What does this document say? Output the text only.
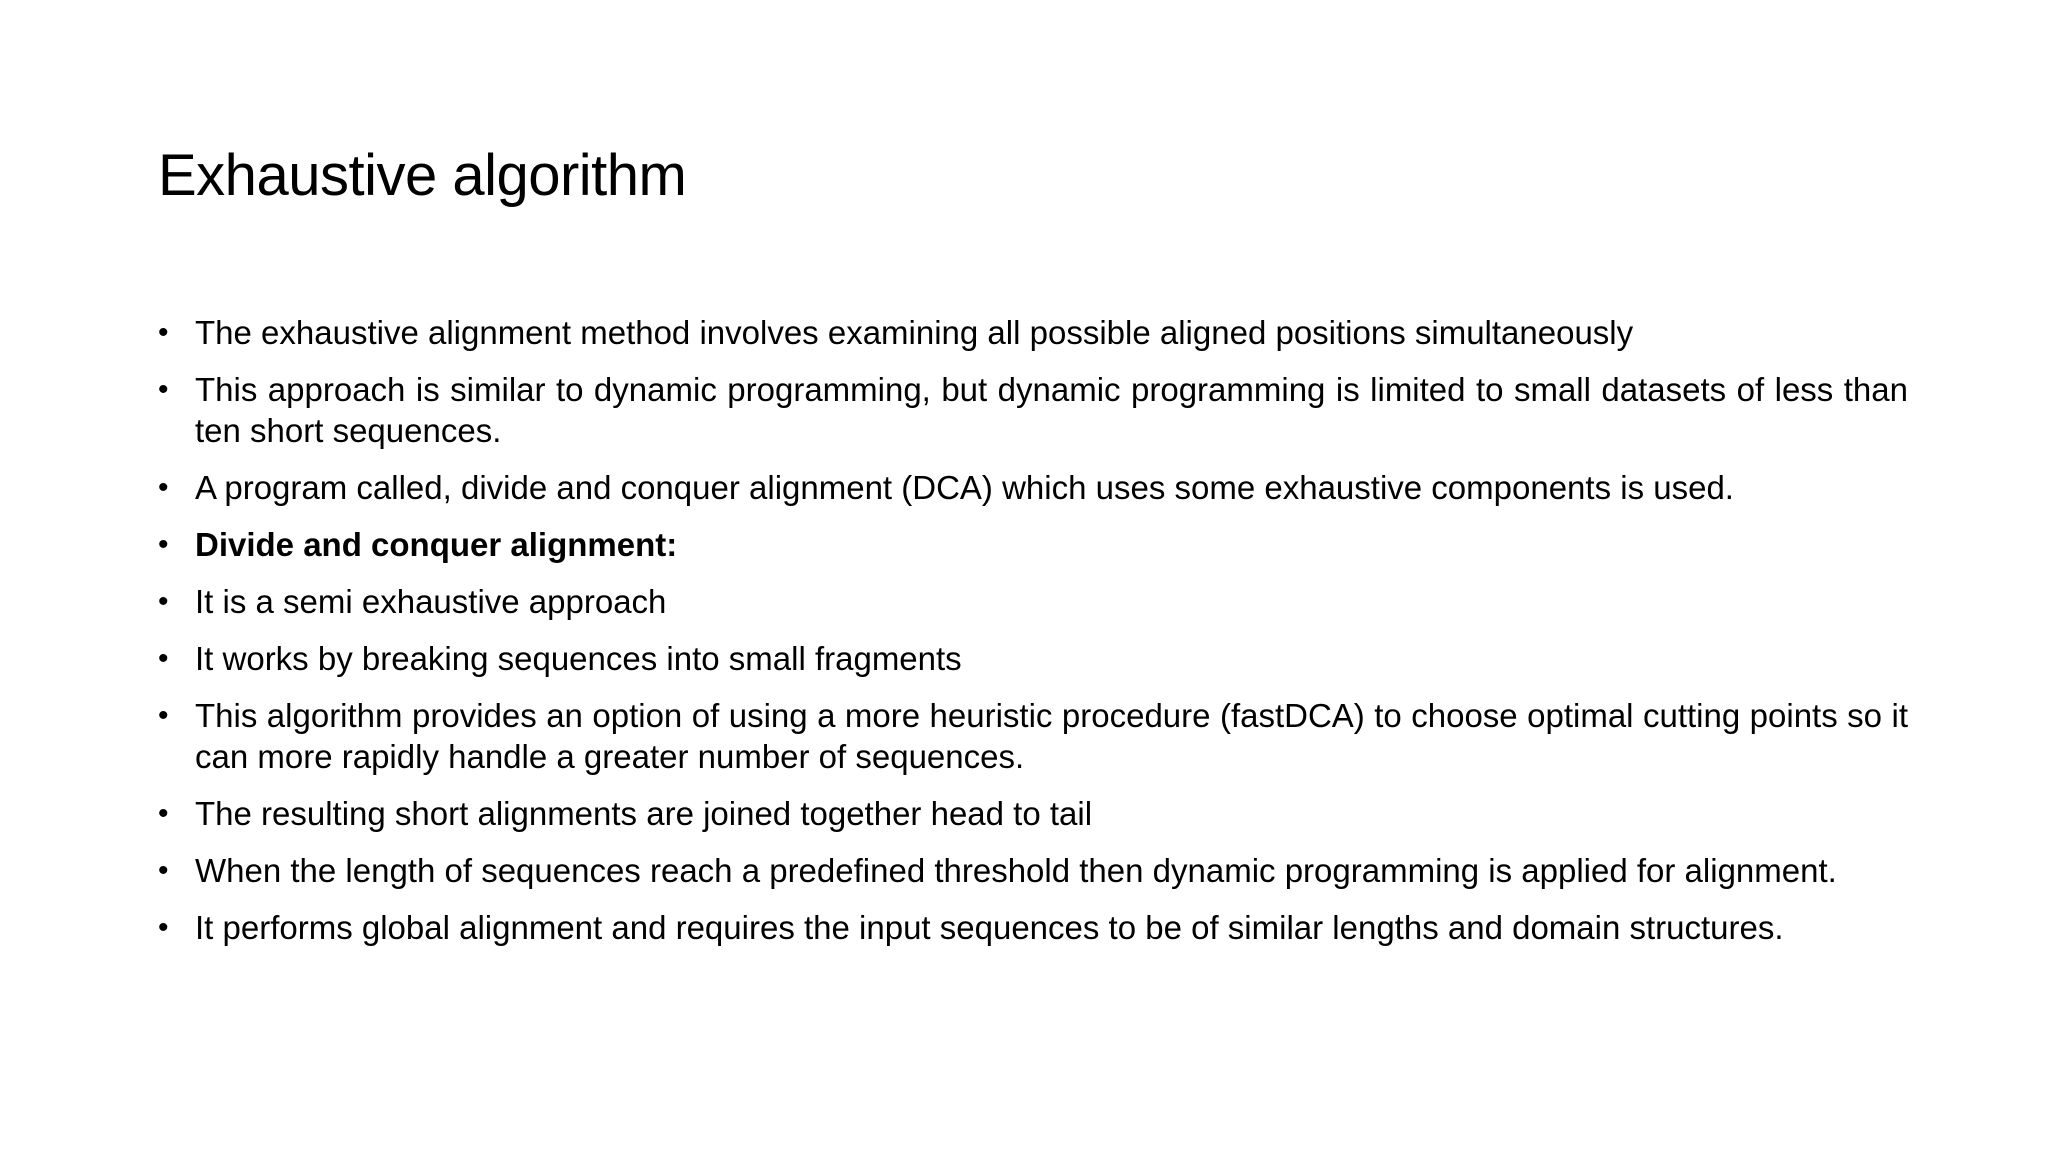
Exhaustive algorithm
• The exhaustive alignment method involves examining all possible aligned positions simultaneously
• This approach is similar to dynamic programming, but dynamic programming is limited to small datasets of less than ten short sequences.
• A program called, divide and conquer alignment (DCA) which uses some exhaustive components is used.
• Divide and conquer alignment:
• It is a semi exhaustive approach
• It works by breaking sequences into small fragments
• This algorithm provides an option of using a more heuristic procedure (fastDCA) to choose optimal cutting points so it can more rapidly handle a greater number of sequences.
• The resulting short alignments are joined together head to tail
• When the length of sequences reach a predefined threshold then dynamic programming is applied for alignment.
• It performs global alignment and requires the input sequences to be of similar lengths and domain structures.
